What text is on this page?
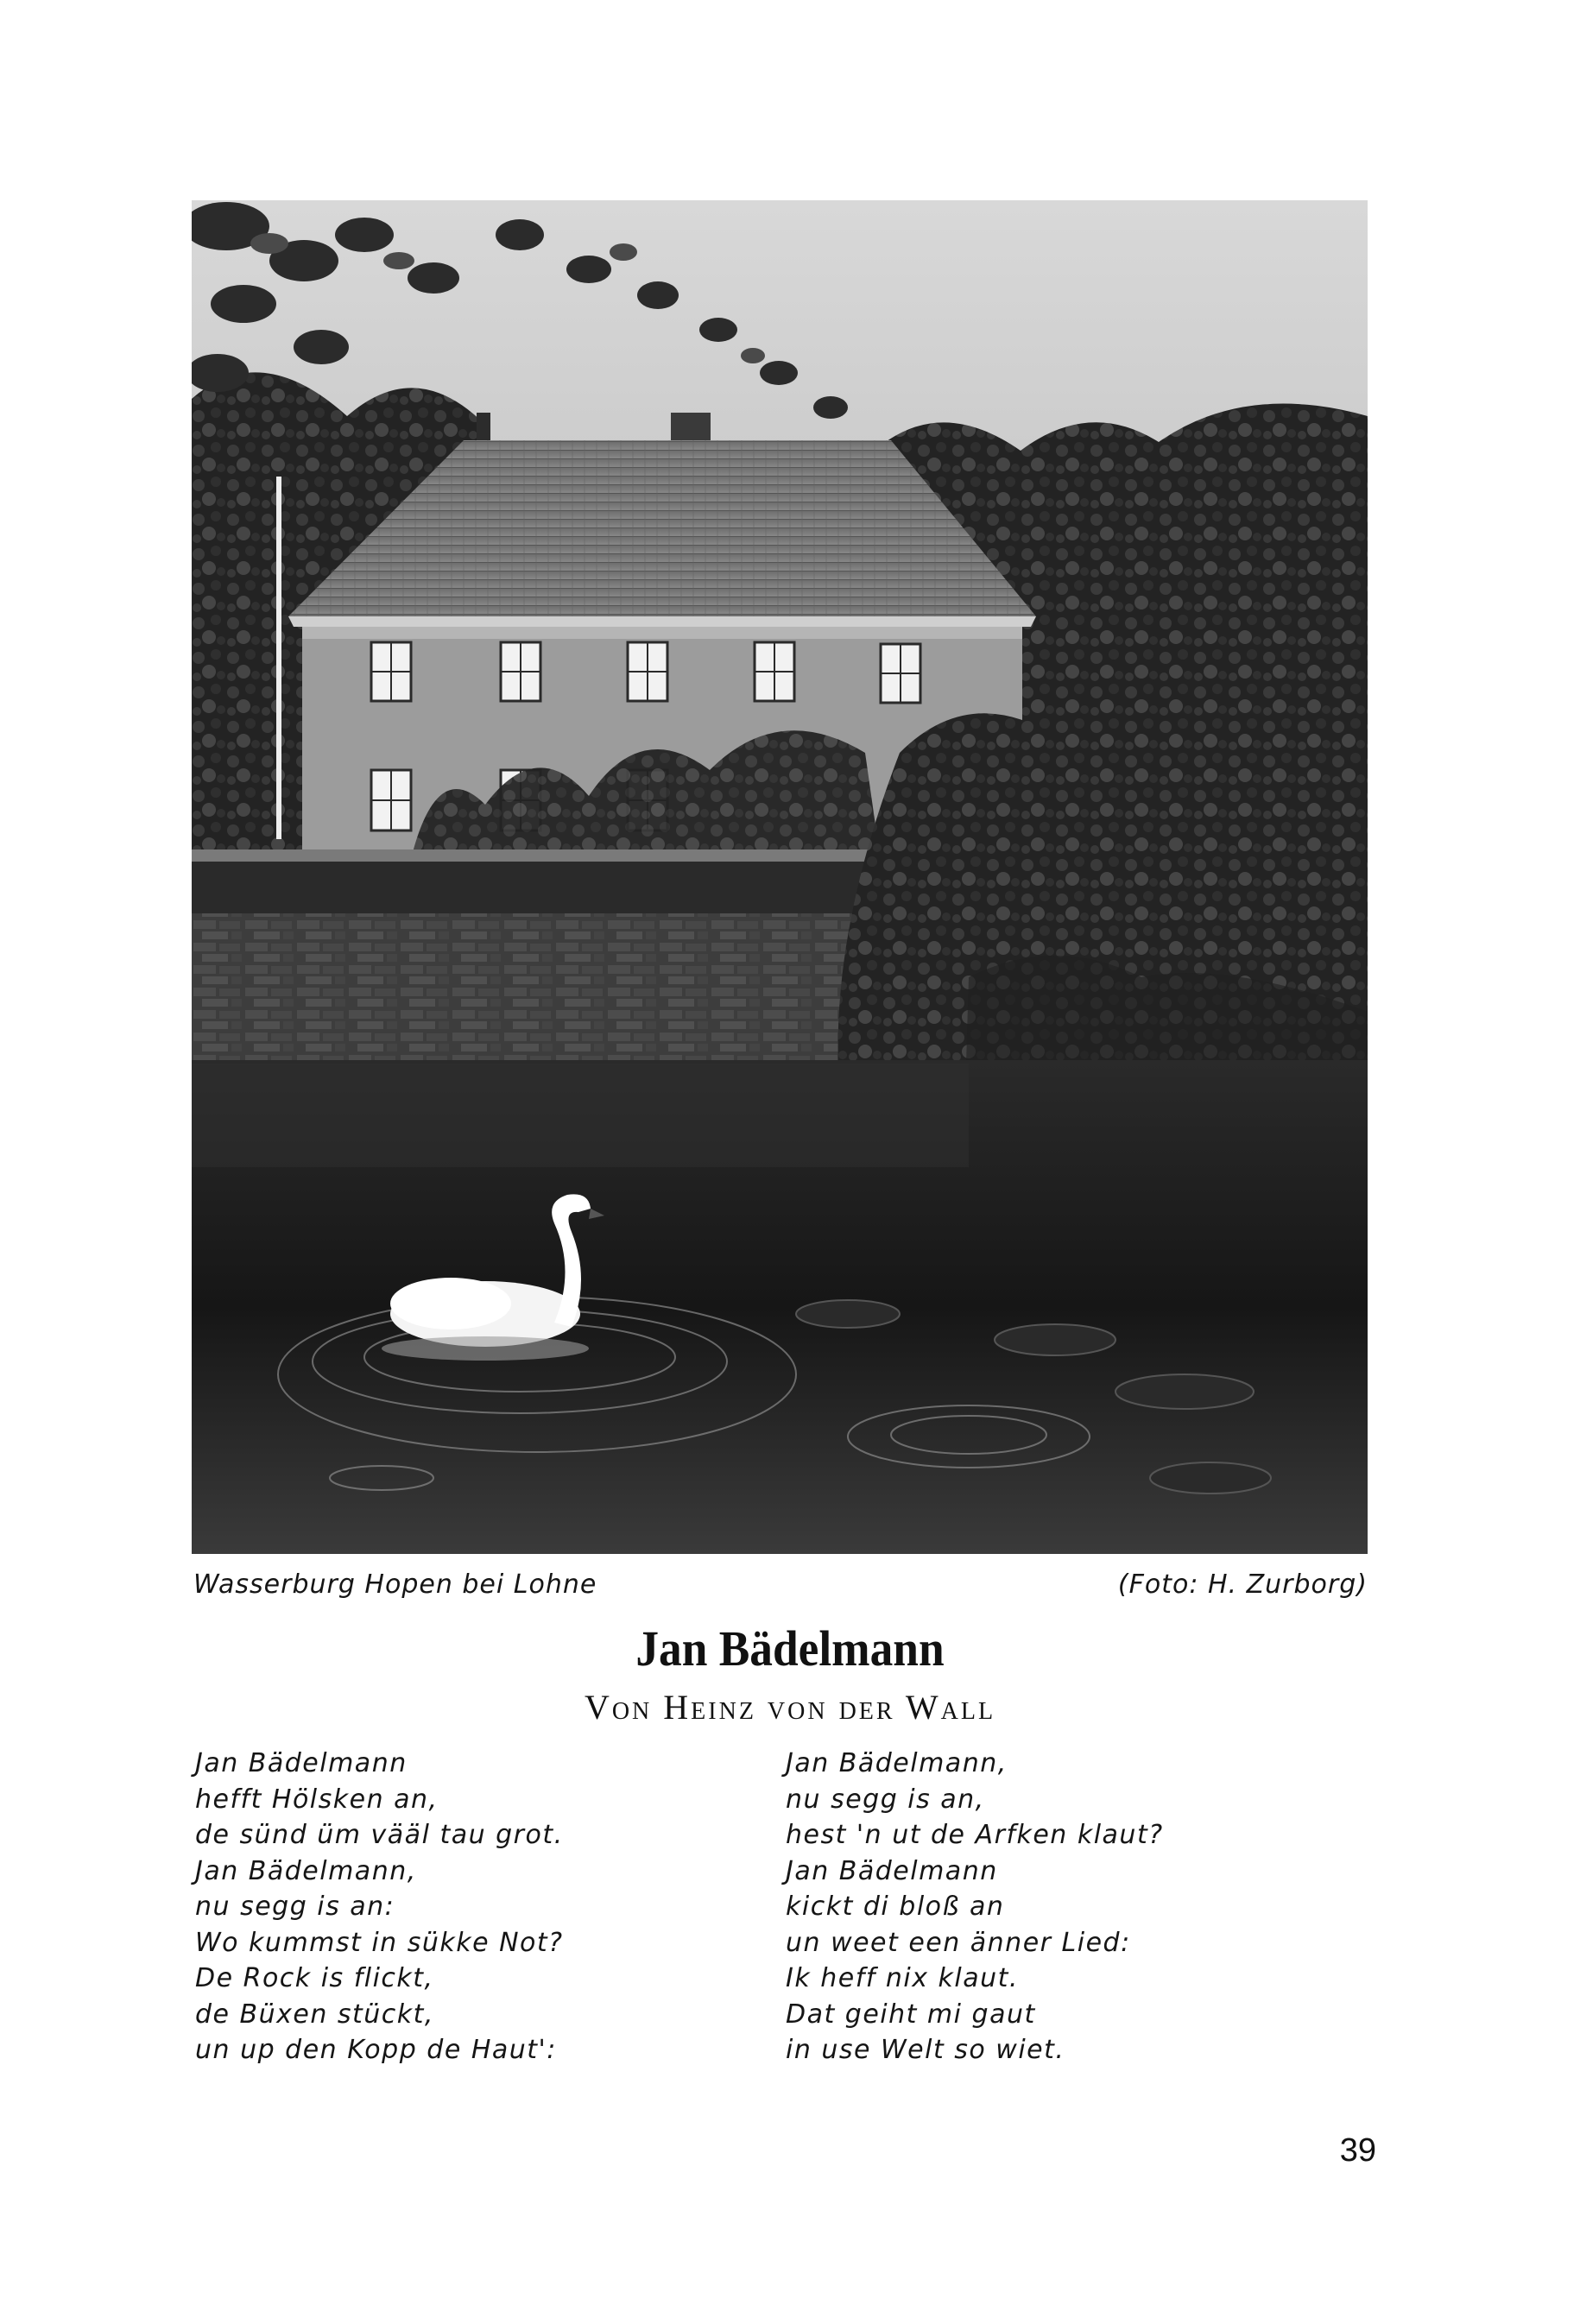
Wasserburg Hopen bei Lohne	(Foto: H. Zurborg)
Jan Bädelmann
Von Heinz von der Wall
Jan Bädelmann
hefft Hölsken an,
de sünd üm vääl tau grot.
Jan Bädelmann,
nu segg is an:
Wo kummst in sükke Not?
De Rock is flickt,
de Büxen stückt,
un up den Kopp de Haut':
Jan Bädelmann,
nu segg is an,
hest 'n ut de Arfken klaut?
Jan Bädelmann
kickt di bloß an
un weet een änner Lied:
Ik heff nix klaut.
Dat geiht mi gaut
in use Welt so wiet.
39
